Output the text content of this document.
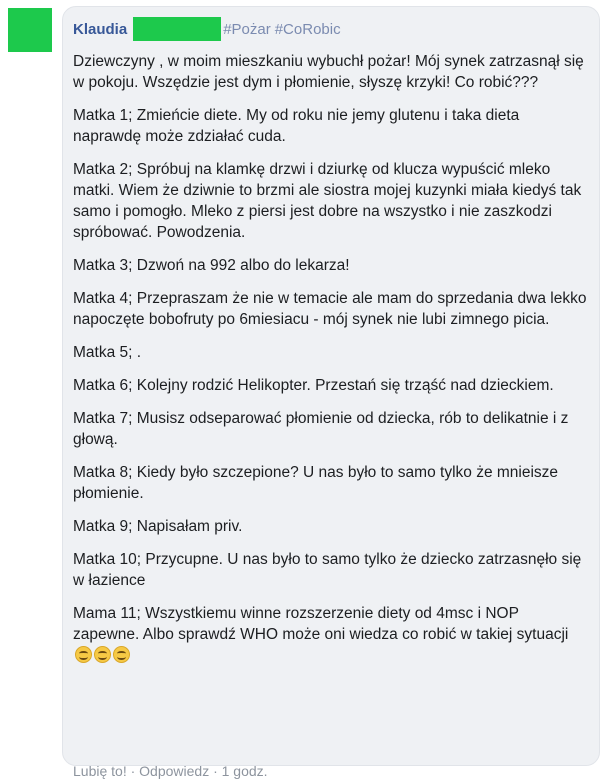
Klaudia	#Pożar #CoRobic

Dziewczyny , w moim mieszkaniu wybuchł pożar! Mój synek zatrzasnął się w pokoju. Wszędzie jest dym i płomienie, słyszę krzyki! Co robić???

Matka 1; Zmieńcie diete. My od roku nie jemy glutenu i taka dieta naprawdę może zdziałać cuda.

Matka 2; Spróbuj na klamkę drzwi i dziurkę od klucza wypuścić mleko matki. Wiem że dziwnie to brzmi ale siostra mojej kuzynki miała kiedyś tak samo i pomogło. Mleko z piersi jest dobre na wszystko i nie zaszkodzi spróbować. Powodzenia.

Matka 3; Dzwoń na 992 albo do lekarza!

Matka 4; Przepraszam że nie w temacie ale mam do sprzedania dwa lekko napoczęte bobofruty po 6miesiacu - mój synek nie lubi zimnego picia.

Matka 5; .

Matka 6; Kolejny rodzić Helikopter. Przestań się trząść nad dzieckiem.

Matka 7; Musisz odseparować płomienie od dziecka, rób to delikatnie i z głową.

Matka 8; Kiedy było szczepione? U nas było to samo tylko że mnieisze płomienie.

Matka 9; Napisałam priv.

Matka 10; Przycupne. U nas było to samo tylko że dziecko zatrzasnęło się w łazience

Mama 11; Wszystkiemu winne rozszerzenie diety od 4msc i NOP zapewne. Albo sprawdź WHO może oni wiedza co robić w takiej sytuacji

Lubię to! · Odpowiedz · 1 godz.
